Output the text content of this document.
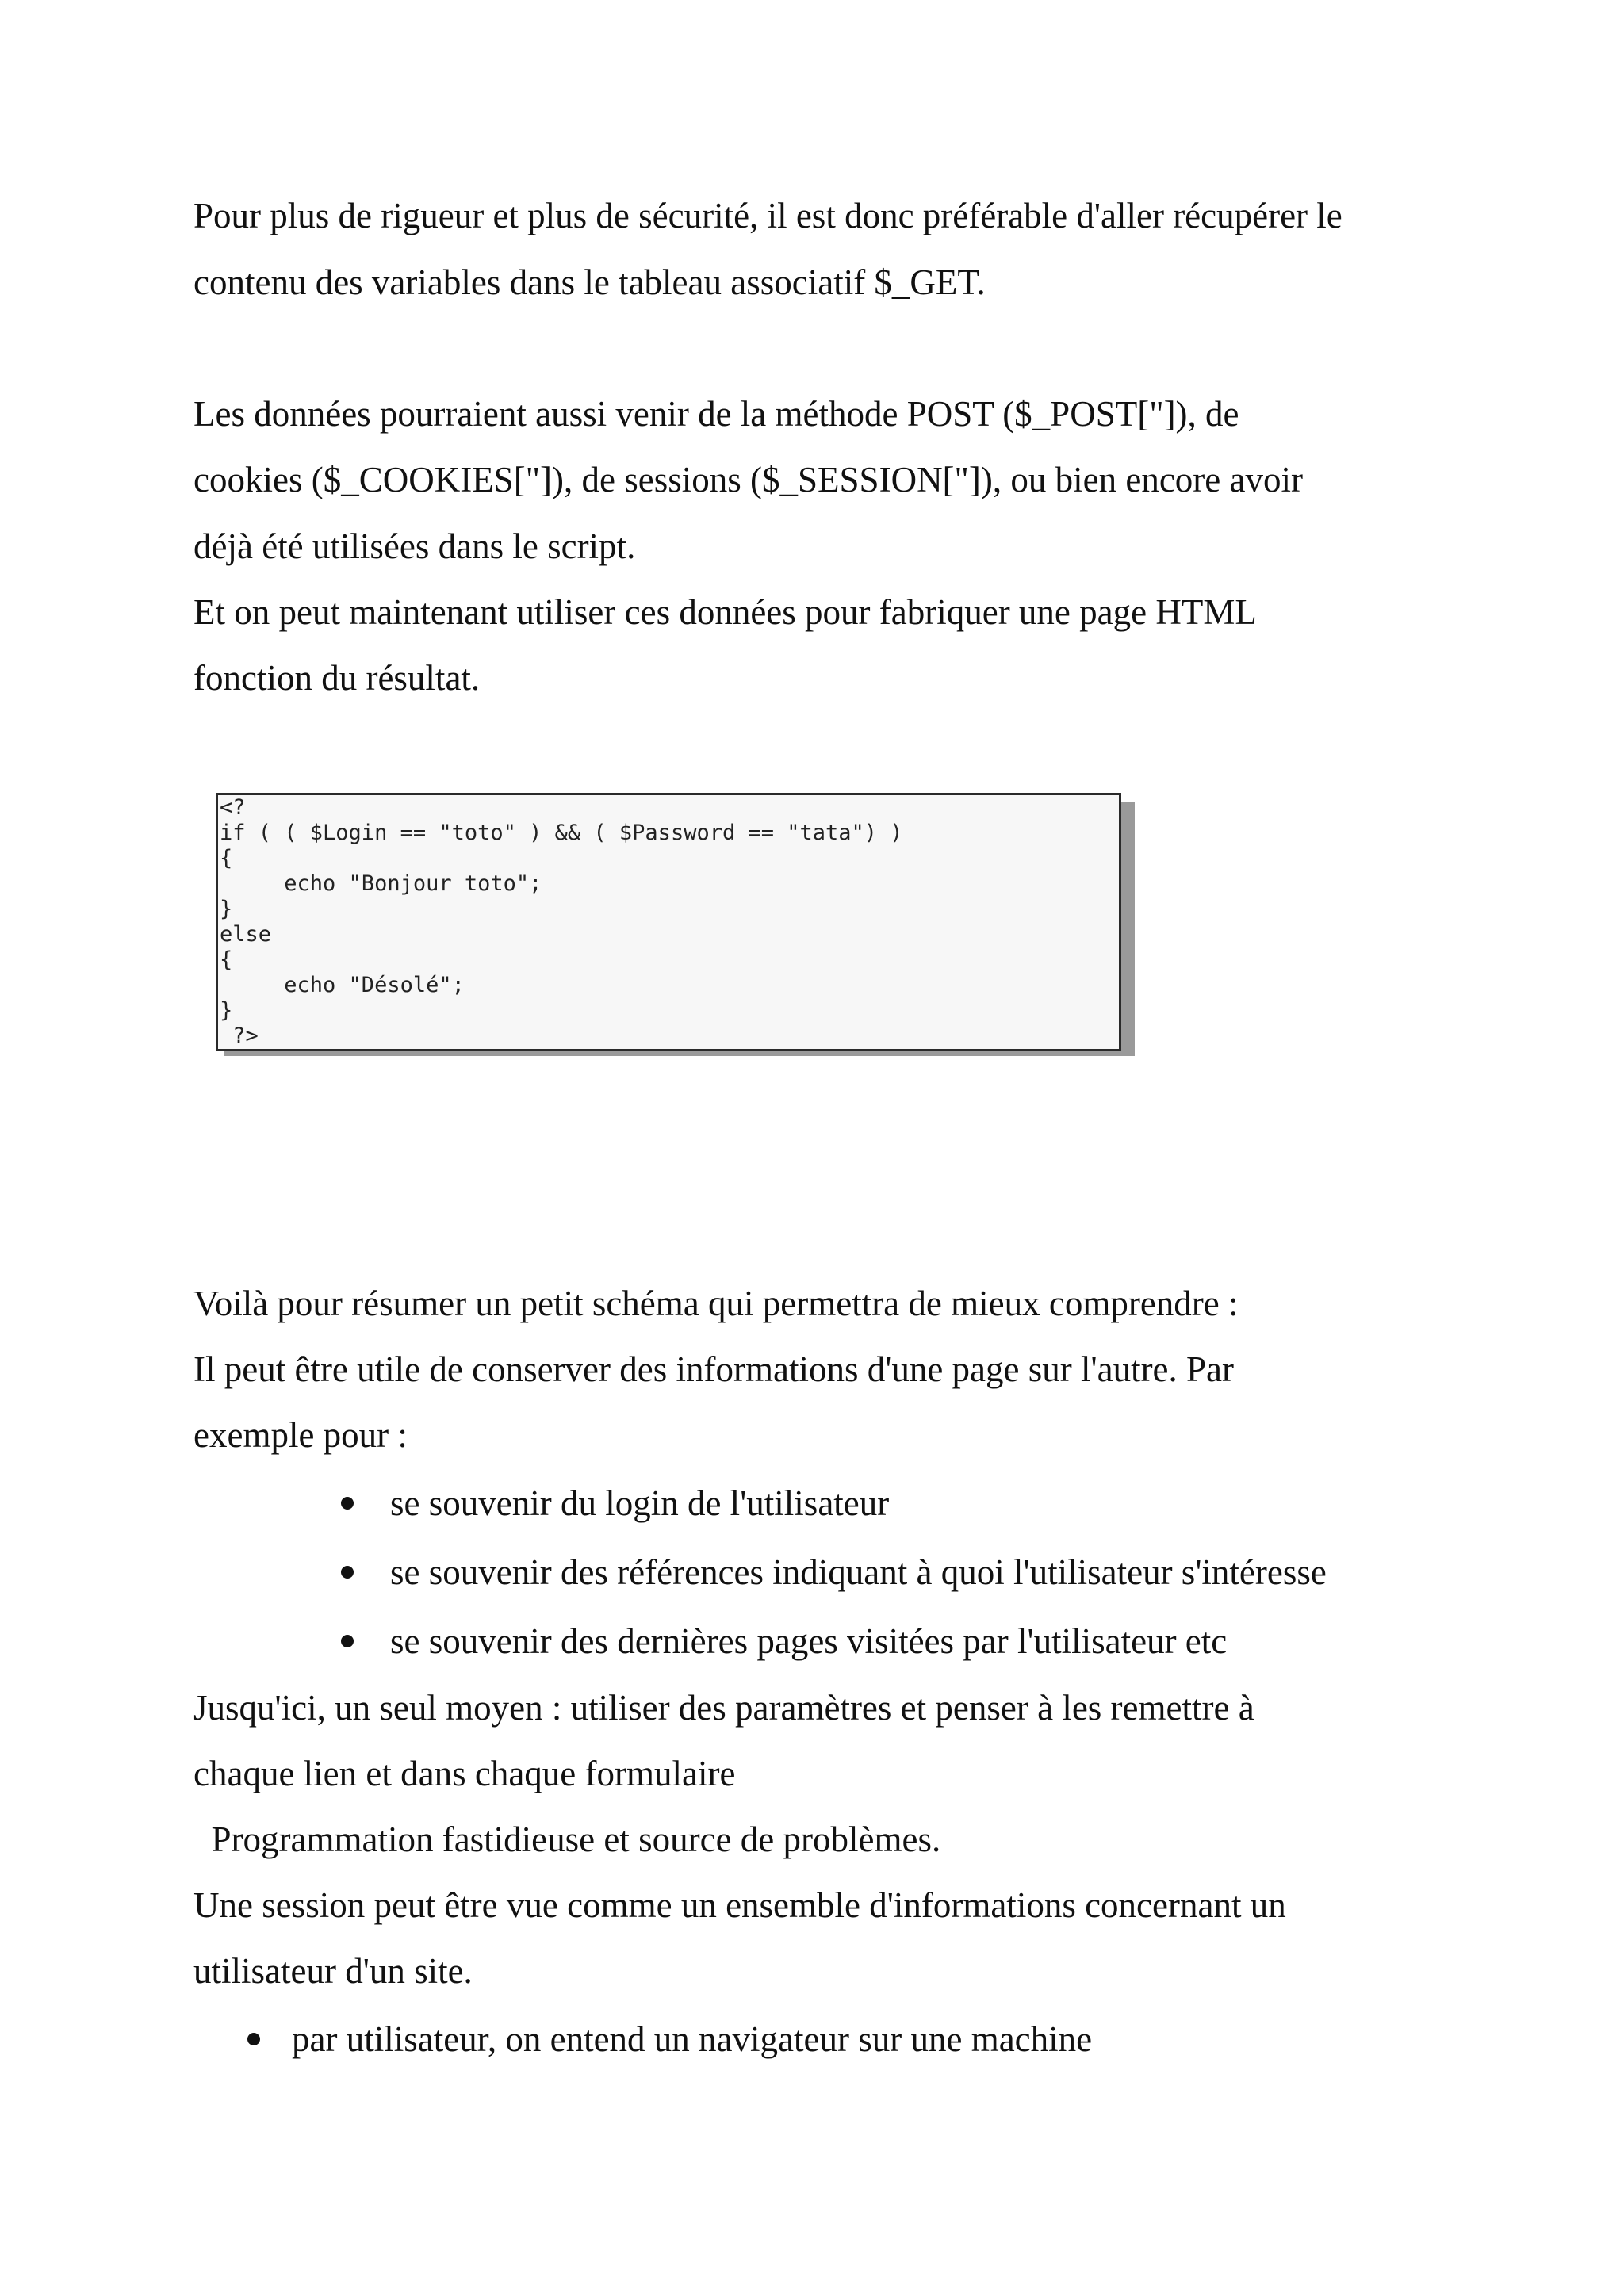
Pour plus de rigueur et plus de sécurité, il est donc préférable d'aller récupérer le
contenu des variables dans le tableau associatif $_GET.
Les données pourraient aussi venir de la méthode POST ($_POST["]), de
cookies ($_COOKIES["]), de sessions ($_SESSION["]), ou bien encore avoir
déjà été utilisées dans le script.
Et on peut maintenant utiliser ces données pour fabriquer une page HTML
fonction du résultat.
<?
if ( ( $Login == "toto" ) && ( $Password == "tata") )
{
echo "Bonjour toto";
}
else
{
echo "Désolé";
}
?>
Voilà pour résumer un petit schéma qui permettra de mieux comprendre :
Il peut être utile de conserver des informations d'une page sur l'autre. Par
exemple pour :
se souvenir du login de l'utilisateur
se souvenir des références indiquant à quoi l'utilisateur s'intéresse
se souvenir des dernières pages visitées par l'utilisateur etc
Jusqu'ici, un seul moyen : utiliser des paramètres et penser à les remettre à
chaque lien et dans chaque formulaire
Programmation fastidieuse et source de problèmes.
Une session peut être vue comme un ensemble d'informations concernant un
utilisateur d'un site.
par utilisateur, on entend un navigateur sur une machine
